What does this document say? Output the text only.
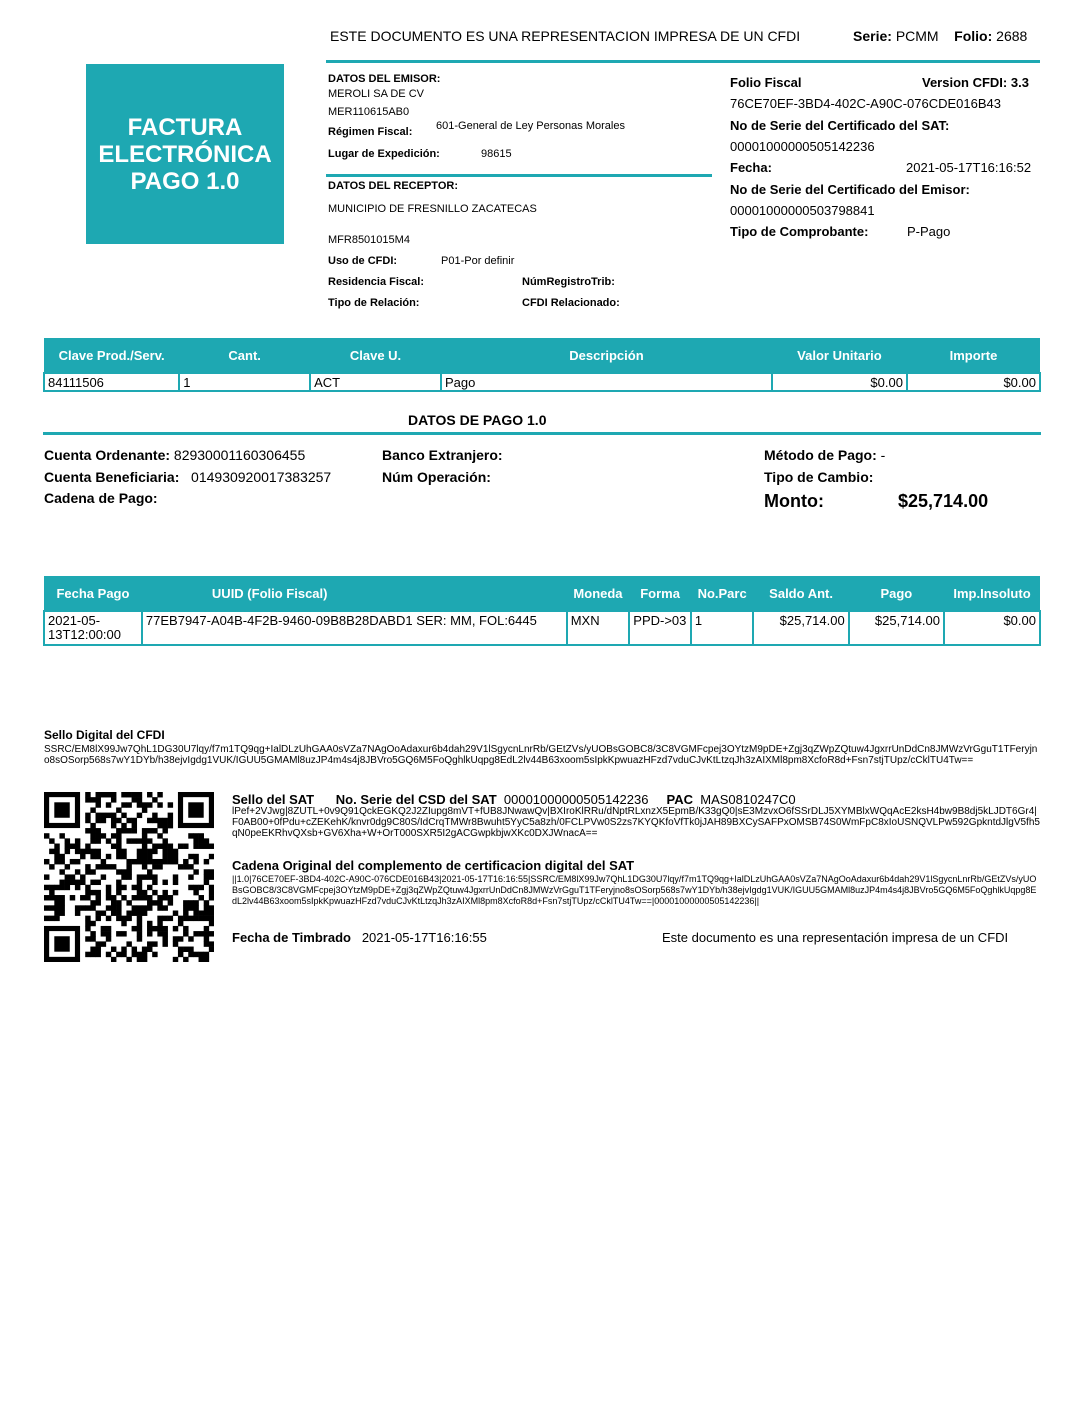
ESTE DOCUMENTO ES UNA REPRESENTACION IMPRESA DE UN CFDI	Serie: PCMM Folio: 2688
FACTURA
ELECTRÓNICA
PAGO 1.0
DATOS DEL EMISOR:
MEROLI SA DE CV
MER110615AB0
Régimen Fiscal: 601-General de Ley Personas Morales
Lugar de Expedición:	98615
DATOS DEL RECEPTOR:
MUNICIPIO DE FRESNILLO ZACATECAS
MFR8501015M4
Uso de CFDI:	P01-Por definir
Residencia Fiscal:	NúmRegistroTrib:
Tipo de Relación:	CFDI Relacionado:
Folio Fiscal	Version CFDI: 3.3
76CE70EF-3BD4-402C-A90C-076CDE016B43
No de Serie del Certificado del SAT:
00001000000505142236
Fecha:	2021-05-17T16:16:52
No de Serie del Certificado del Emisor:
00001000000503798841
Tipo de Comprobante:	P-Pago
Clave Prod./Serv.	Cant.	Clave U.	Descripción	Valor Unitario	Importe
84111506	1	ACT	Pago	$0.00	$0.00
DATOS DE PAGO 1.0
Cuenta Ordenante: 82930001160306455
Cuenta Beneficiaria: 014930920017383257
Cadena de Pago:
Banco Extranjero:
Núm Operación:
Método de Pago: -
Tipo de Cambio:
Monto:	$25,714.00
Fecha Pago	UUID (Folio Fiscal)	Moneda	Forma	No.Parc	Saldo Ant.	Pago	Imp.Insoluto
2021-05-13T12:00:00	77EB7947-A04B-4F2B-9460-09B8B28DABD1 SER: MM, FOL:6445	MXN	PPD->03	1	$25,714.00	$25,714.00	$0.00
Sello Digital del CFDI
SSRC/EM8lX99Jw7QhL1DG30U7lqy/f7m1TQ9qg+IalDLzUhGAA0sVZa7NAgOoAdaxur6b4dah29V1lSgycnLnrRb/GEtZVs/yUOBsGOBC8/3C8VGMFcpej3OYtzM9pDE+Zgj3qZWpZQtuw4JgxrrUnDdCn8JMWzVrGguT1TFeryjno8sOSorp568s7wY1DYb/h38ejvIgdg1VUK/IGUU5GMAMl8uzJP4m4s4j8JBVro5GQ6M5FoQghlkUqpg8EdL2lv44B63xoom5sIpkKpwuazHFzd7vduCJvKtLtzqJh3zAIXMl8pm8XcfoR8d+Fsn7stjTUpz/cCklTU4Tw==
Sello del SAT No. Serie del CSD del SAT 00001000000505142236 PAC MAS0810247C0
lPef+2VJwg|8ZUTL+0v9Q91QckEGKQ2J2ZIupg8mVT+fUB8JNwawQv|BXIroKlRRu/dNptRLxnzX5EpmB/K33gQ0|sE3MzvxO6fSSrDLJ5XYMBlxWQqAcE2ksH4bw9B8dj5kLJDT6Gr4|F0AB00+0fPdu+cZEKehK/knvr0dg9C80S/IdCrqTMWr8Bwuht5YyC5a8zh/0FCLPVw0S2zs7KYQKfoVfTk0jJAH89BXCySAFPxOMSB74S0WmFpC8xIoUSNQVLPw592GpkntdJlgV5fh5qN0peEKRhvQXsb+GV6Xha+W+OrT000SXR5I2gACGwpkbjwXKc0DXJWnacA==
Cadena Original del complemento de certificacion digital del SAT
||1.0|76CE70EF-3BD4-402C-A90C-076CDE016B43|2021-05-17T16:16:55|SSRC/EM8lX99Jw7QhL1DG30U7lqy/f7m1TQ9qg+IalDLzUhGAA0sVZa7NAgOoAdaxur6b4dah29V1lSgycnLnrRb/GEtZVs/yUOBsGOBC8/3C8VGMFcpej3OYtzM9pDE+Zgj3qZWpZQtuw4JgxrrUnDdCn8JMWzVrGguT1TFeryjno8sOSorp568s7wY1DYb/h38ejvIgdg1VUK/IGUU5GMAMl8uzJP4m4s4j8JBVro5GQ6M5FoQghlkUqpg8EdL2lv44B63xoom5sIpkKpwuazHFzd7vduCJvKtLtzqJh3zAIXMl8pm8XcfoR8d+Fsn7stjTUpz/cCklTU4Tw==|00001000000505142236||
Fecha de Timbrado 2021-05-17T16:16:55	Este documento es una representación impresa de un CFDI
